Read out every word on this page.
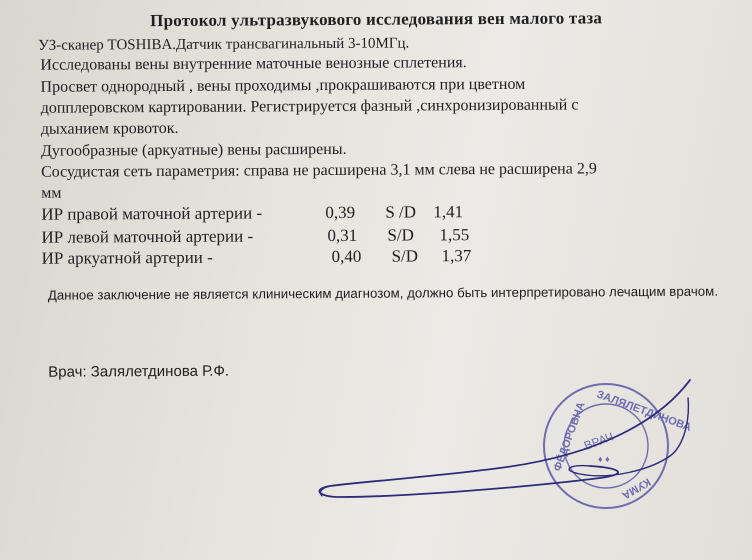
Протокол ультразвукового исследования вен малого таза
УЗ-сканер TOSHIBA.Датчик трансвагинальный 3-10МГц.
Исследованы вены внутренние маточные венозные сплетения.
Просвет однородный , вены проходимы ,прокрашиваются при цветном
допплеровском картировании. Регистрируется фазный ,синхронизированный с
дыханием кровоток.
Дугообразные (аркуатные) вены расширены.
Сосудистая сеть параметрия: справа не расширена 3,1 мм слева не расширена 2,9
мм
ИР правой маточной артерии -	0,39 S /D 1,41
ИР левой маточной артерии -	0,31 S/D 1,55
ИР аркуатной артерии -	0,40 S/D 1,37
Данное заключение не является клиническим диагнозом, должно быть интерпретировано лечащим врачом.
Врач: Залялетдинова Р.Ф.
ФЁДОРОВНА ЗАЛЯЛЕТДИНОВА
КУМА
ВРАЧ
♦ ♦
